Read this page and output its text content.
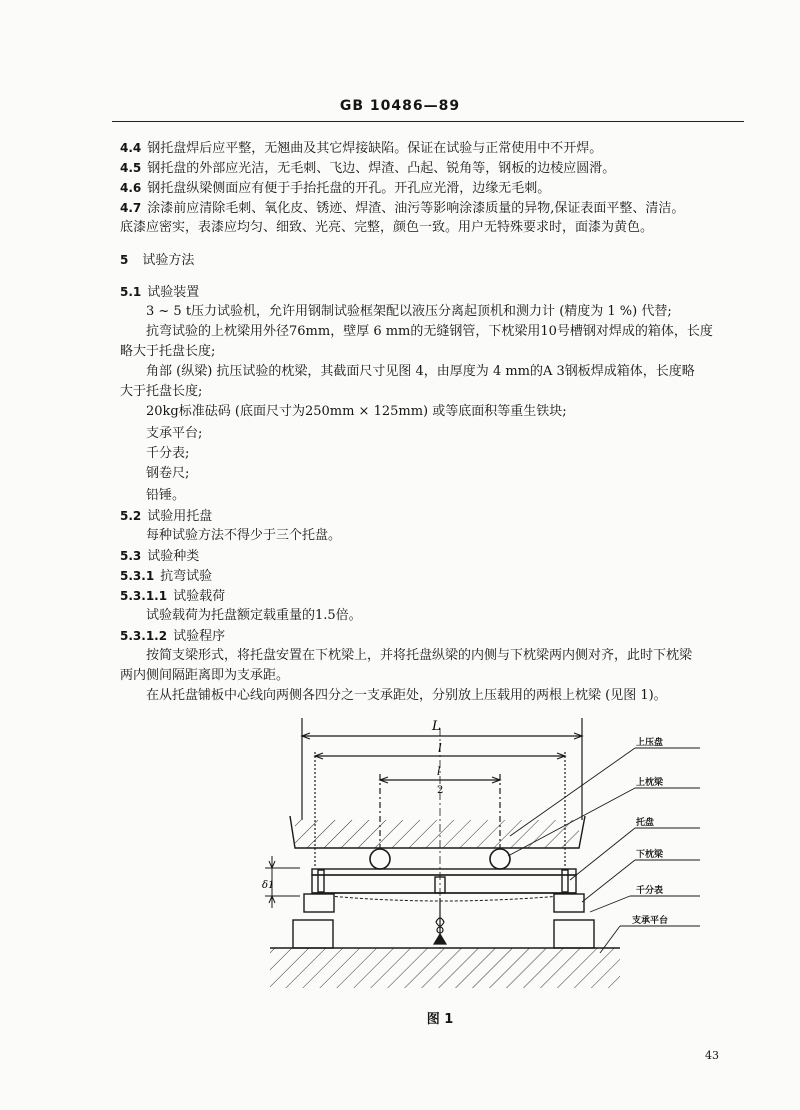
GB 10486—89
4.4 钢托盘焊后应平整，无翘曲及其它焊接缺陷。保证在试验与正常使用中不开焊。
4.5 钢托盘的外部应光洁，无毛刺、飞边、焊渣、凸起、锐角等，钢板的边棱应圆滑。
4.6 钢托盘纵梁侧面应有便于手抬托盘的开孔。开孔应光滑，边缘无毛刺。
4.7 涂漆前应清除毛刺、氧化皮、锈迹、焊渣、油污等影响涂漆质量的异物,保证表面平整、清洁。
底漆应密实，表漆应均匀、细致、光亮、完整，颜色一致。用户无特殊要求时，面漆为黄色。
5 试验方法
5.1 试验装置
3 ~ 5 t压力试验机，允许用钢制试验框架配以液压分离起顶机和测力计 (精度为 1 %) 代替;
抗弯试验的上枕梁用外径76mm，壁厚 6 mm的无缝钢管，下枕梁用10号槽钢对焊成的箱体，长度
略大于托盘长度;
角部 (纵梁) 抗压试验的枕梁，其截面尺寸见图 4，由厚度为 4 mm的A 3钢板焊成箱体，长度略
大于托盘长度;
20kg标准砝码 (底面尺寸为250mm × 125mm) 或等底面积等重生铁块;
支承平台;
千分表;
钢卷尺;
铅锤。
5.2 试验用托盘
每种试验方法不得少于三个托盘。
5.3 试验种类
5.3.1 抗弯试验
5.3.1.1 试验载荷
试验载荷为托盘额定载重量的1.5倍。
5.3.1.2 试验程序
按简支梁形式，将托盘安置在下枕梁上，并将托盘纵梁的内侧与下枕梁两内侧对齐，此时下枕梁
两内侧间隔距离即为支承距。
在从托盘铺板中心线向两侧各四分之一支承距处，分别放上压载用的两根上枕梁 (见图 1)。
δ1
L
l
l
2
上压盘
上枕梁
托盘
下枕梁
千分表
支承平台
图 1
43
